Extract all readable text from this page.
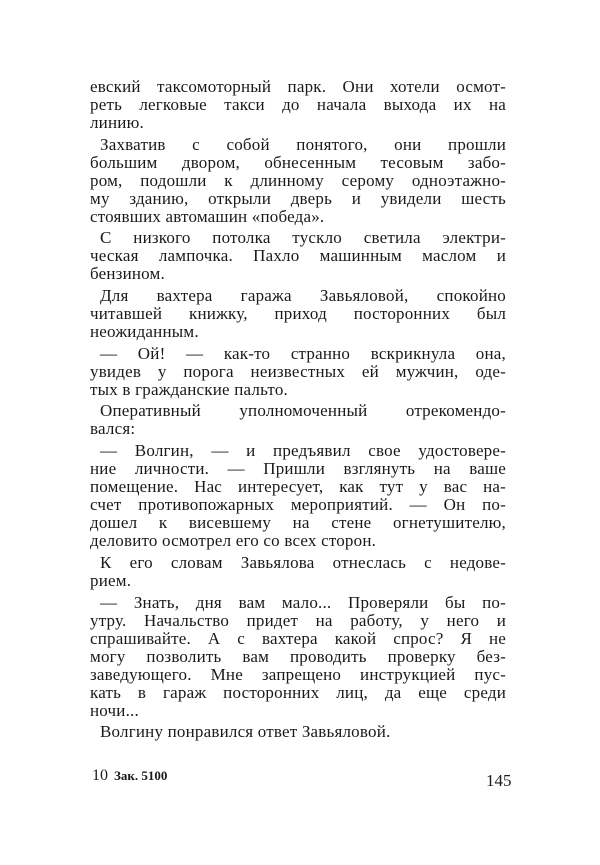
евский таксомоторный парк. Они хотели осмот-
реть легковые такси до начала выхода их на
линию.
Захватив с собой понятого, они прошли
большим двором, обнесенным тесовым забо-
ром, подошли к длинному серому одноэтажно-
му зданию, открыли дверь и увидели шесть
стоявших автомашин «победа».
С низкого потолка тускло светила электри-
ческая лампочка. Пахло машинным маслом и
бензином.
Для вахтера гаража Завьяловой, спокойно
читавшей книжку, приход посторонних был
неожиданным.
— Ой! — как-то странно вскрикнула она,
увидев у порога неизвестных ей мужчин, оде-
тых в гражданские пальто.
Оперативный уполномоченный отрекомендо-
вался:
— Волгин, — и предъявил свое удостовере-
ние личности. — Пришли взглянуть на ваше
помещение. Нас интересует, как тут у вас на-
счет противопожарных мероприятий. — Он по-
дошел к висевшему на стене огнетушителю,
деловито осмотрел его со всех сторон.
К его словам Завьялова отнеслась с недове-
рием.
— Знать, дня вам мало... Проверяли бы по-
утру. Начальство придет на работу, у него и
спрашивайте. А с вахтера какой спрос? Я не
могу позволить вам проводить проверку без-
заведующего. Мне запрещено инструкцией пус-
кать в гараж посторонних лиц, да еще среди
ночи...
Волгину понравился ответ Завьяловой.
10 Зак. 5100	145
